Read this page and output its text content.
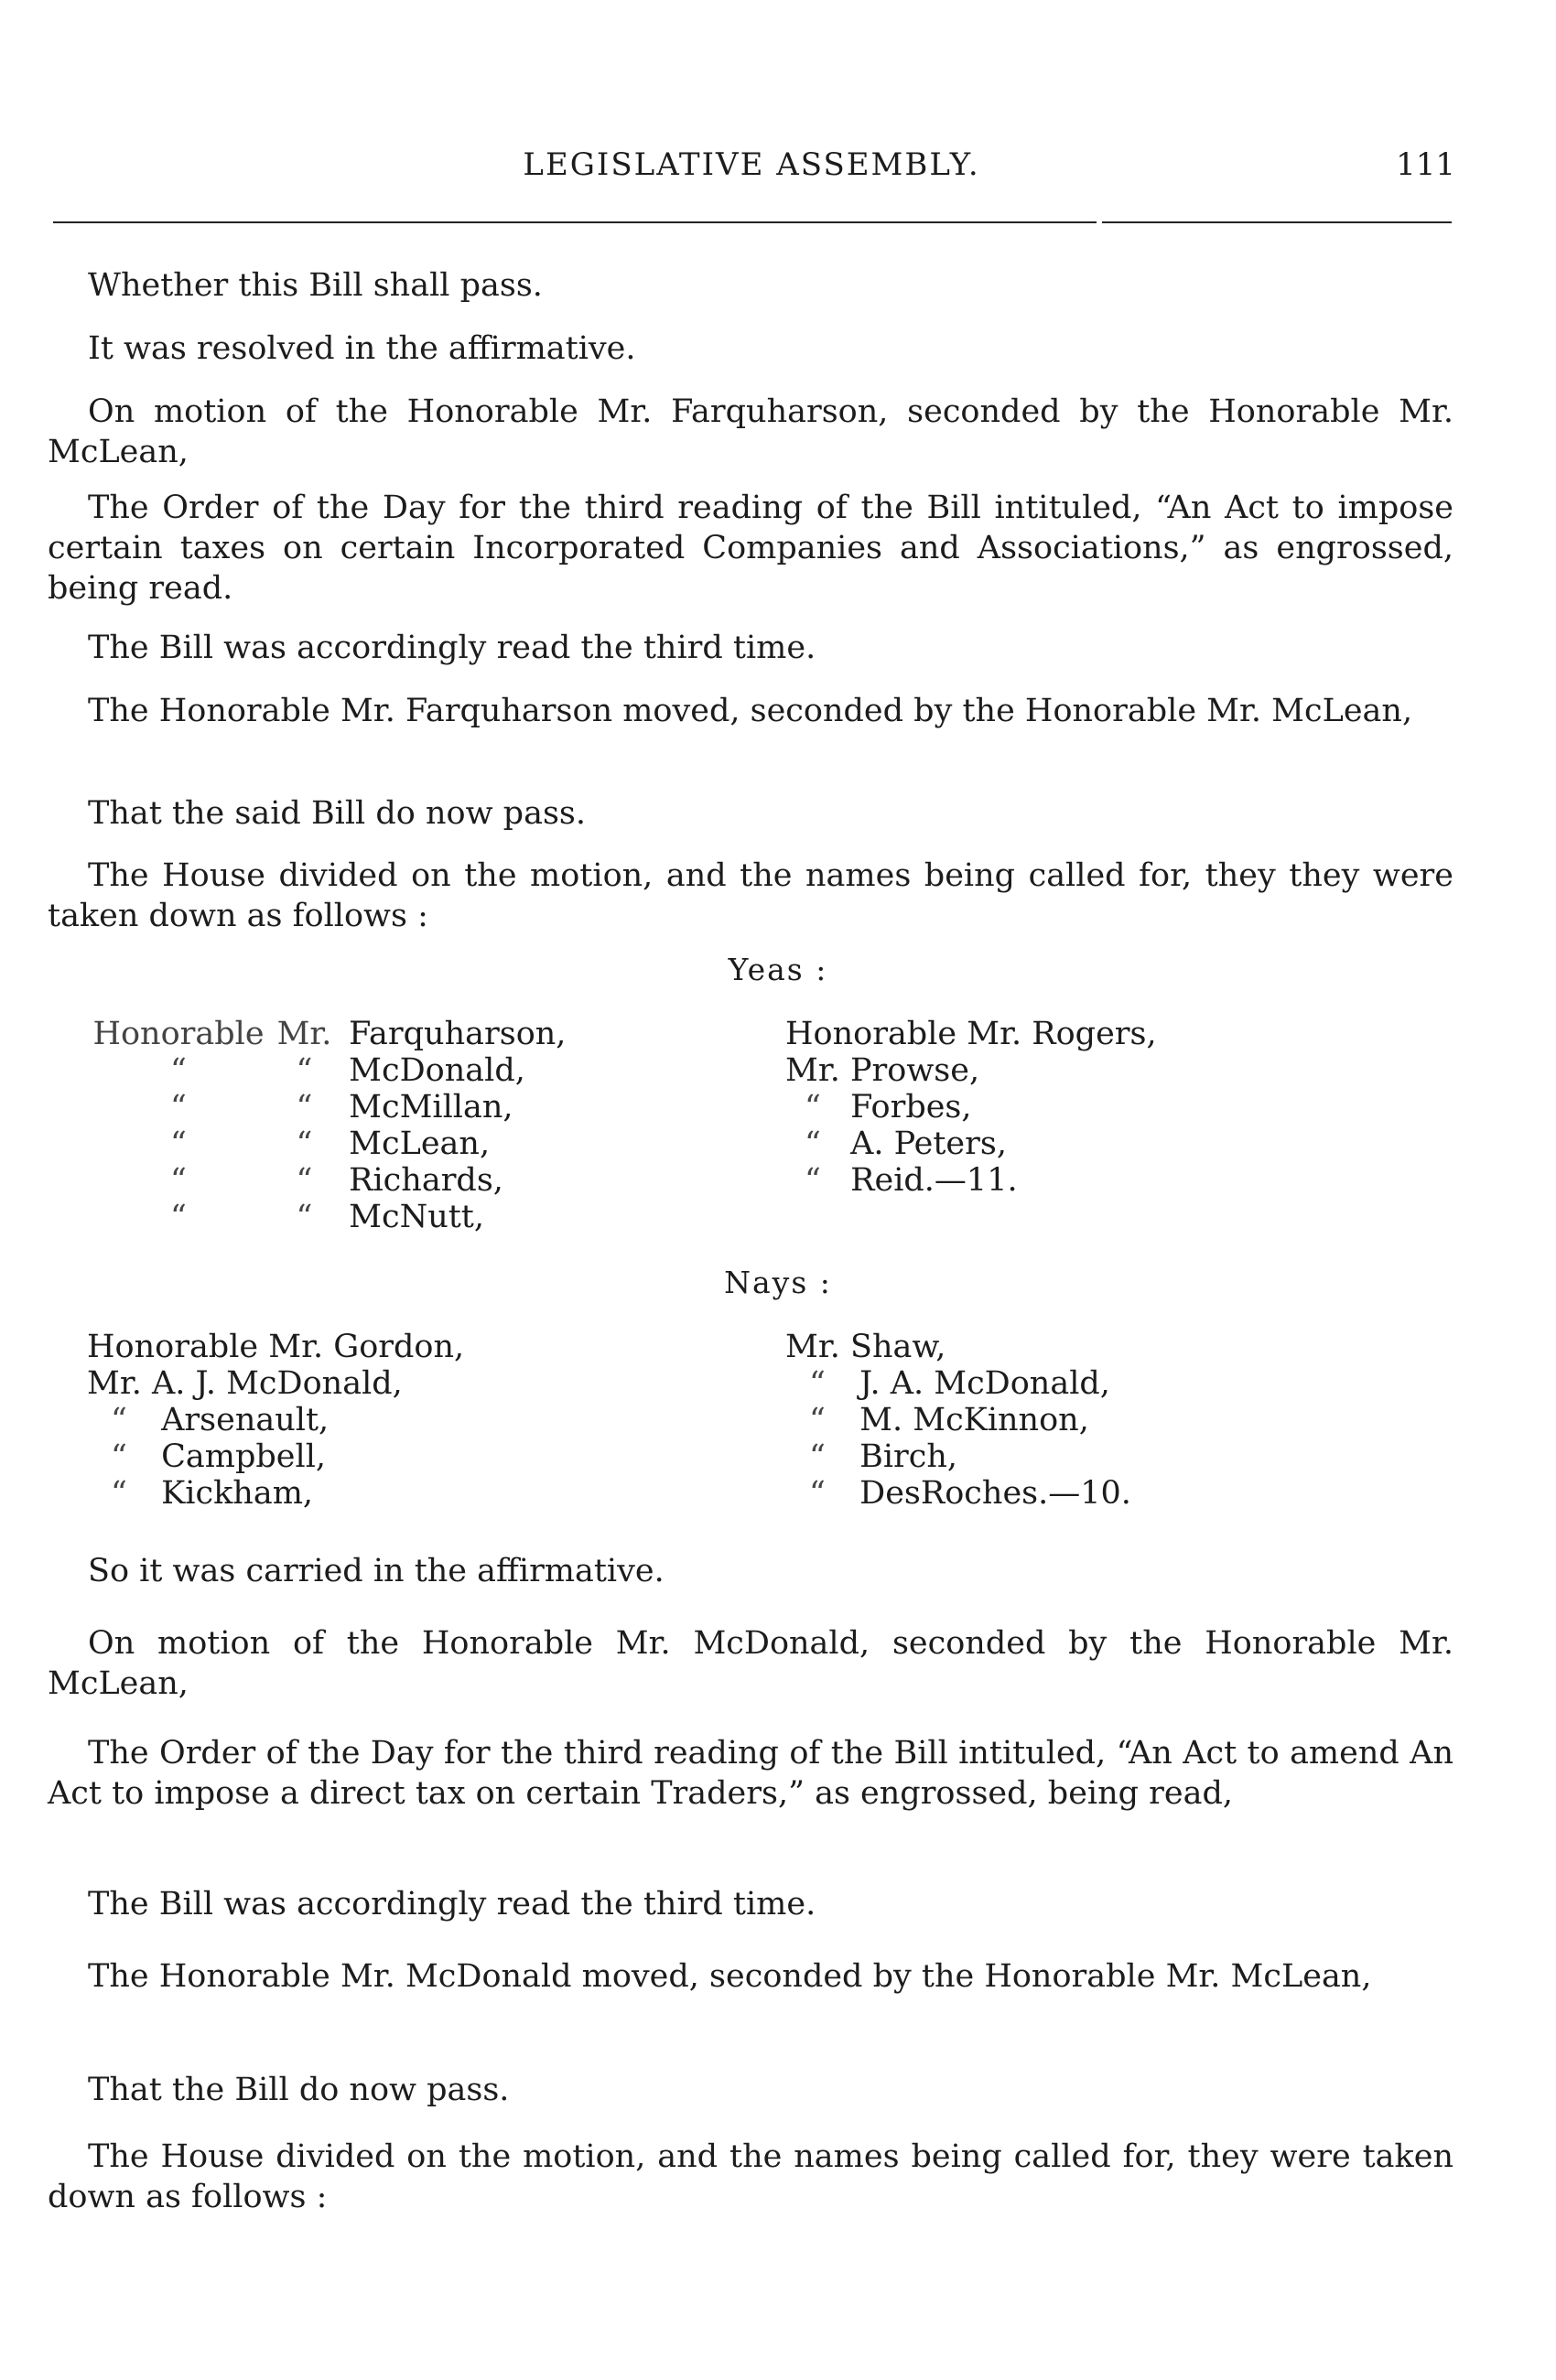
LEGISLATIVE ASSEMBLY.	111
Whether this Bill shall pass.
It was resolved in the affirmative.
On motion of the Honorable Mr. Farquharson, seconded by the Honorable Mr. McLean,
The Order of the Day for the third reading of the Bill intituled, “An Act to impose certain taxes on certain Incorporated Companies and Associations,” as engrossed, being read.
The Bill was accordingly read the third time.
The Honorable Mr. Farquharson moved, seconded by the Honorable Mr. McLean,
That the said Bill do now pass.
The House divided on the motion, and the names being called for, they they were taken down as follows :
Yeas :
Honorable Mr. Farquharson,
“	“ McDonald,
“	“ McMillan,
“	“ McLean,
“	“ Richards,
“	“ McNutt,
Honorable Mr. Rogers,
Mr. Prowse,
“ Forbes,
“ A. Peters,
“ Reid.—11.
Nays :
Honorable Mr. Gordon,
Mr. A. J. McDonald,
“ Arsenault,
“ Campbell,
“ Kickham,
Mr. Shaw,
“ J. A. McDonald,
“ M. McKinnon,
“ Birch,
“ DesRoches.—10.
So it was carried in the affirmative.
On motion of the Honorable Mr. McDonald, seconded by the Honorable Mr. McLean,
The Order of the Day for the third reading of the Bill intituled, “An Act to amend An Act to impose a direct tax on certain Traders,” as engrossed, being read,
The Bill was accordingly read the third time.
The Honorable Mr. McDonald moved, seconded by the Honorable Mr. McLean,
That the Bill do now pass.
The House divided on the motion, and the names being called for, they were taken down as follows :
